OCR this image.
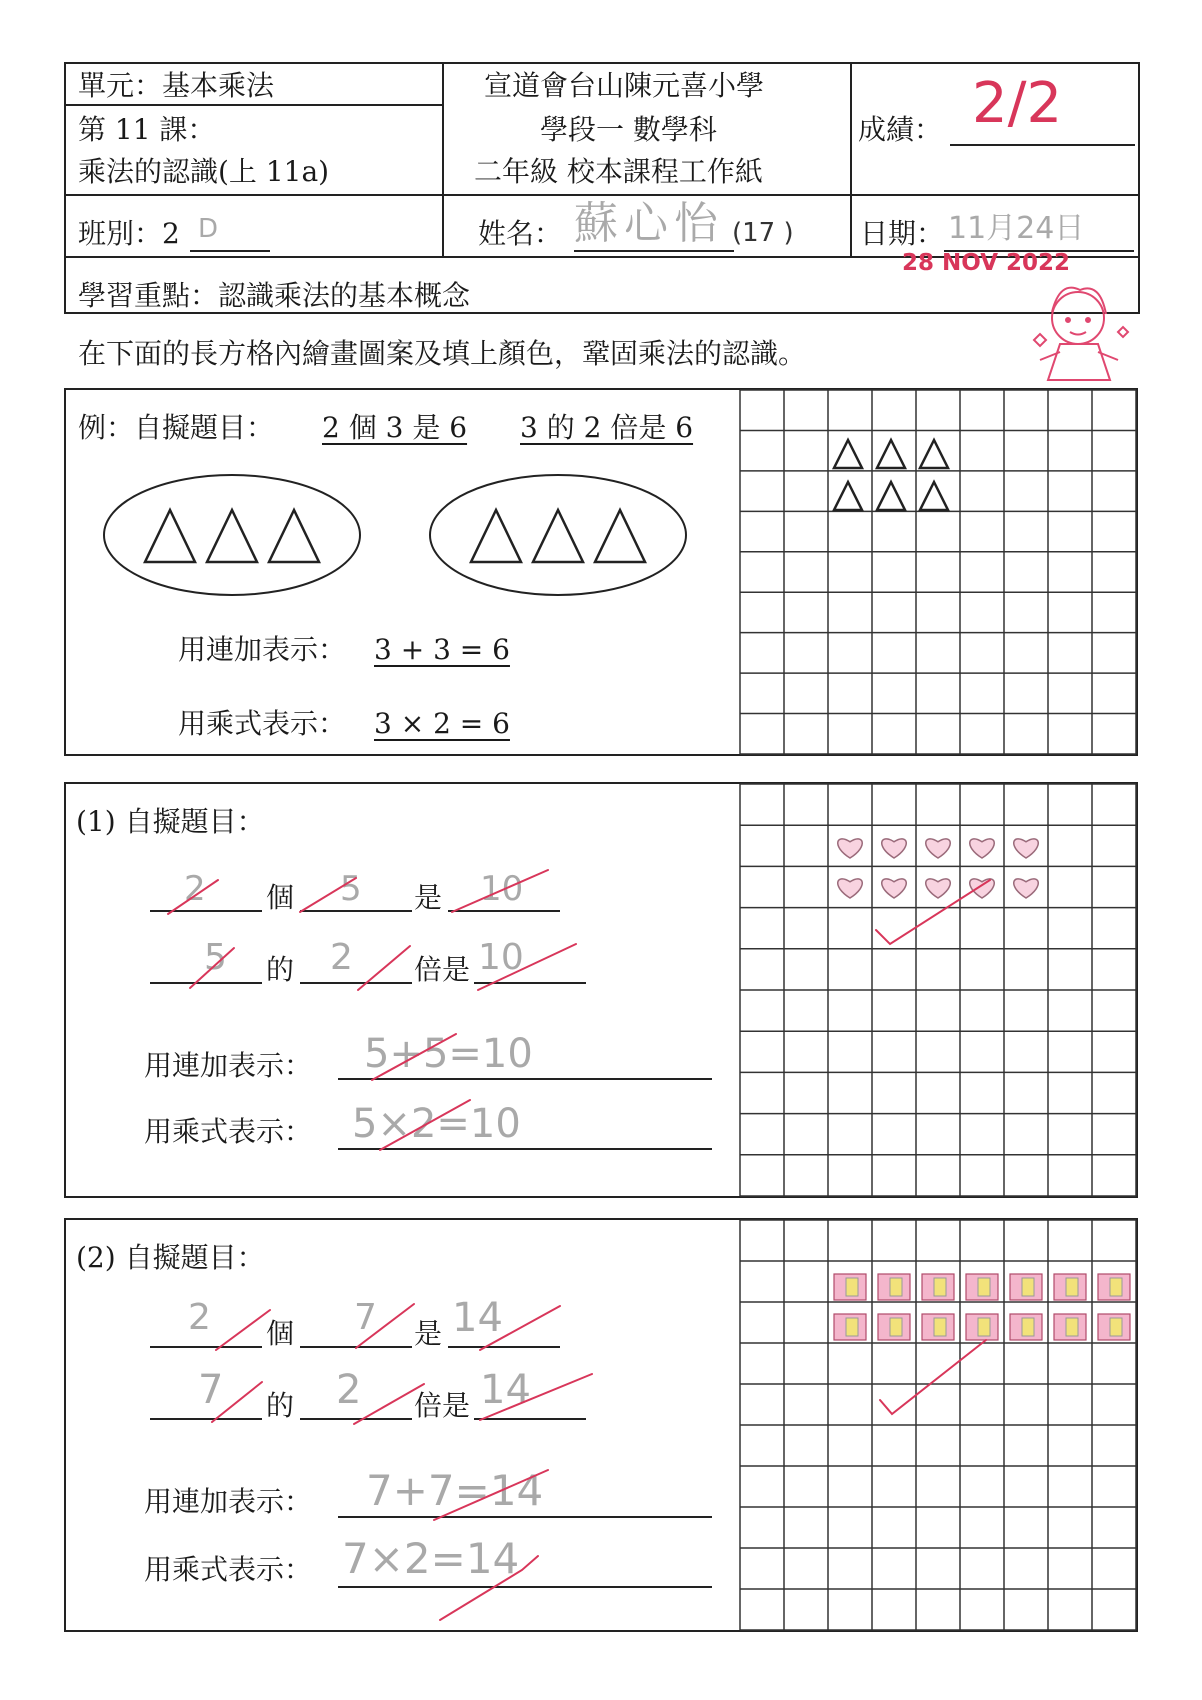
單元：基本乘法
第 11 課：
乘法的認識(上 11a)
宣道會台山陳元喜小學
學段一 數學科
二年級 校本課程工作紙
成績： 2/2
班別：2 D	姓名： 蘇心怡 (17 ) 日期： 11月24日
28 NOV 2022
學習重點：認識乘法的基本概念
在下面的長方格內繪畫圖案及填上顏色，鞏固乘法的認識。
例：自擬題目： 2 個 3 是 6 3 的 2 倍是 6
用連加表示： 3 + 3 = 6
用乘式表示： 3 × 2 = 6
(1) 自擬題目：
2 個 5 是 10
5 的 2 倍是 10
用連加表示： 5+5=10
用乘式表示： 5×2=10
(2) 自擬題目：
2 個 7 是 14
7 的 2 倍是 14
用連加表示： 7+7=14
用乘式表示： 7×2=14
